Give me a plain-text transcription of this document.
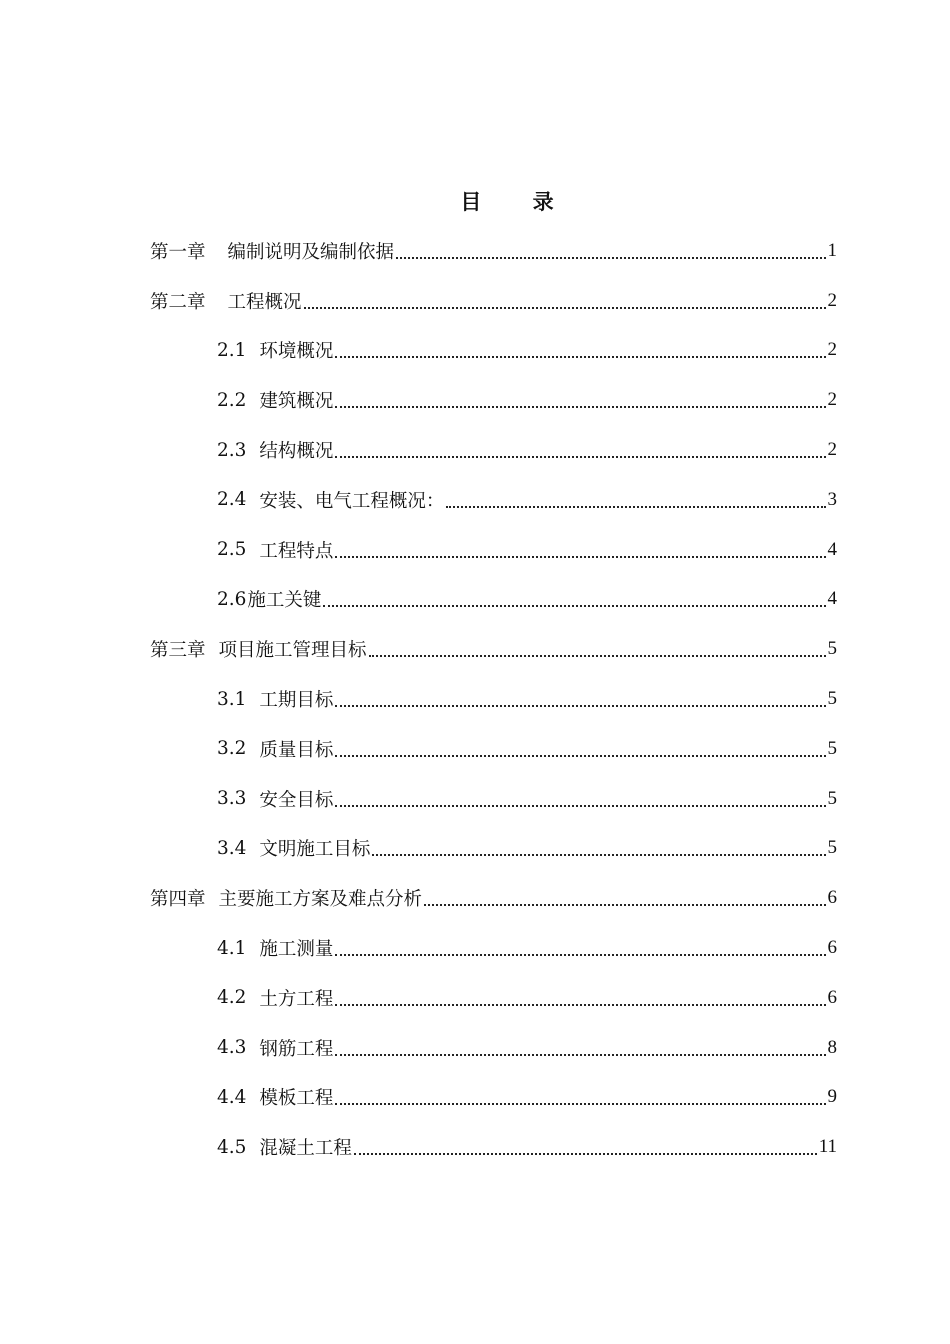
目 录
第一章 编制说明及编制依据	1
第二章 工程概况	2
2.1 环境概况	2
2.2 建筑概况	2
2.3 结构概况	2
2.4 安装、电气工程概况：	3
2.5 工程特点	4
2.6 施工关键	4
第三章 项目施工管理目标	5
3.1 工期目标	5
3.2 质量目标	5
3.3 安全目标	5
3.4 文明施工目标	5
第四章 主要施工方案及难点分析	6
4.1 施工测量	6
4.2 土方工程	6
4.3 钢筋工程	8
4.4 模板工程	9
4.5 混凝土工程	11
